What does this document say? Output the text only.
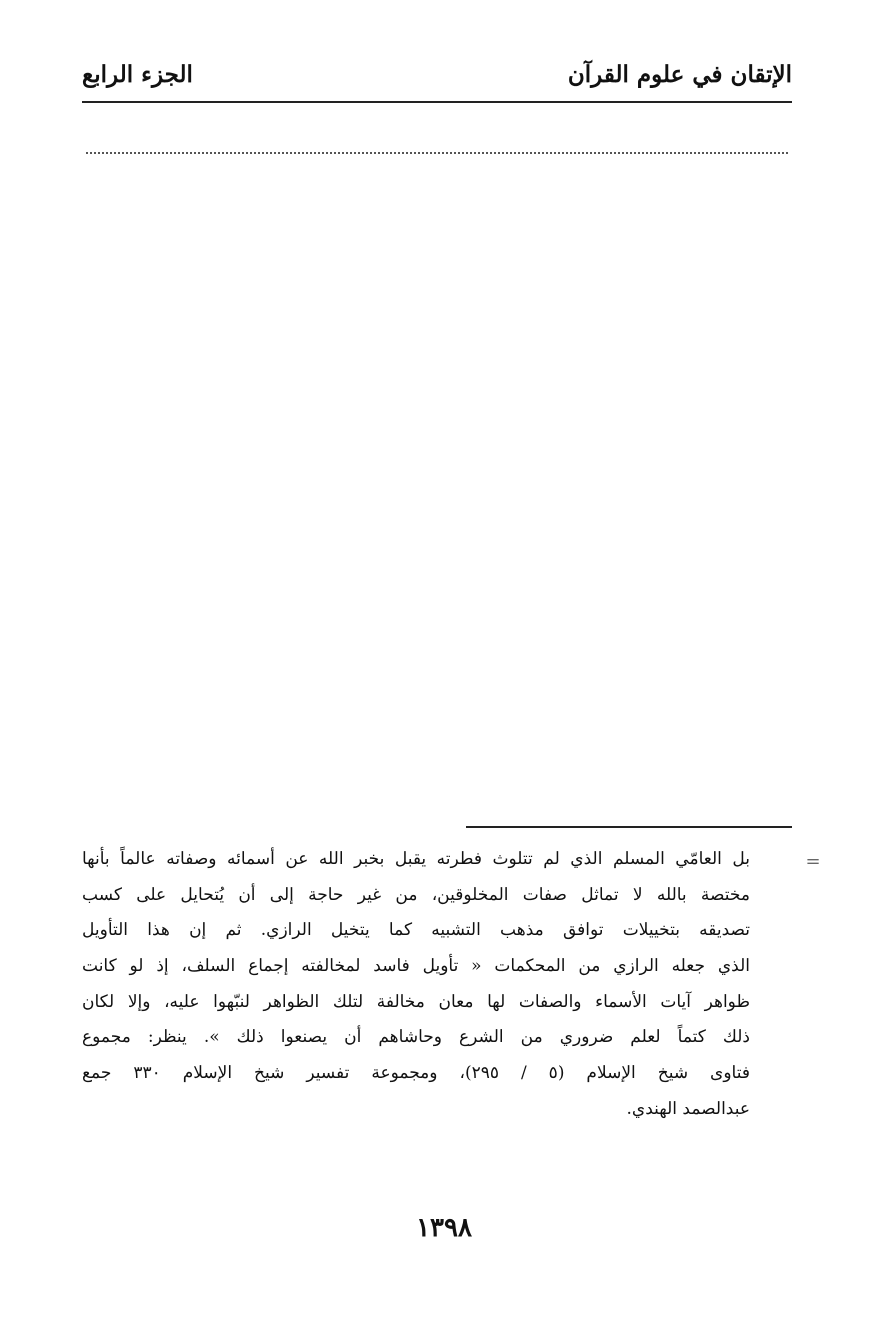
الإتقان في علوم القرآن
الجزء الرابع
=
بل العامّي المسلم الذي لم تتلوث فطرته يقبل بخبر الله عن أسمائه وصفاته عالماً بأنها
مختصة بالله لا تماثل صفات المخلوقين، من غير حاجة إلى أن يُتحايل على كسب
تصديقه بتخييلات توافق مذهب التشبيه كما يتخيل الرازي. ثم إن هذا التأويل
الذي جعله الرازي من المحكمات « تأويل فاسد لمخالفته إجماع السلف، إذ لو كانت
ظواهر آيات الأسماء والصفات لها معان مخالفة لتلك الظواهر لنبّهوا عليه، وإلا لكان
ذلك كتماً لعلم ضروري من الشرع وحاشاهم أن يصنعوا ذلك ». ينظر: مجموع
فتاوى شيخ الإسلام (٥ / ٢٩٥)، ومجموعة تفسير شيخ الإسلام ٣٣٠ جمع
عبدالصمد الهندي.
١٣٩٨
